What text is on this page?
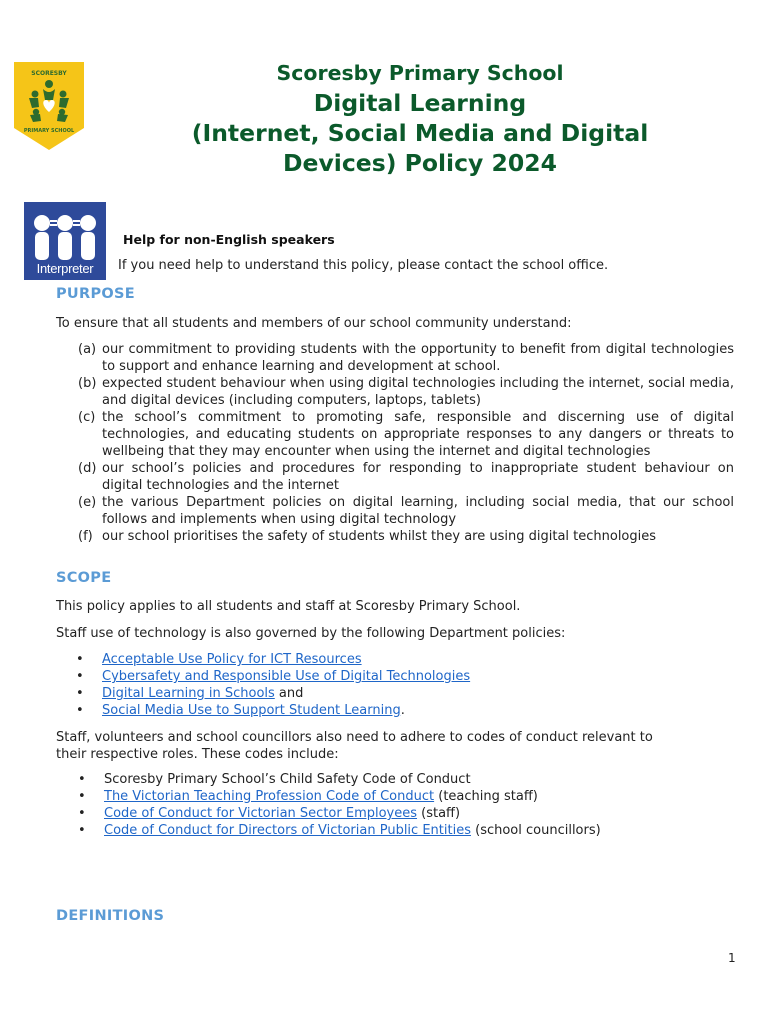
SCORESBY
PRIMARY SCHOOL
Scoresby Primary School
Digital Learning
(Internet, Social Media and Digital
Devices) Policy 2024
Interpreter
Help for non-English speakers
If you need help to understand this policy, please contact the school office.
PURPOSE
To ensure that all students and members of our school community understand:
(a) our commitment to providing students with the opportunity to benefit from digital technologies to support and enhance learning and development at school.
(b) expected student behaviour when using digital technologies including the internet, social media, and digital devices (including computers, laptops, tablets)
(c) the school’s commitment to promoting safe, responsible and discerning use of digital technologies, and educating students on appropriate responses to any dangers or threats to wellbeing that they may encounter when using the internet and digital technologies
(d) our school’s policies and procedures for responding to inappropriate student behaviour on digital technologies and the internet
(e) the various Department policies on digital learning, including social media, that our school follows and implements when using digital technology
(f) our school prioritises the safety of students whilst they are using digital technologies
SCOPE
This policy applies to all students and staff at Scoresby Primary School.
Staff use of technology is also governed by the following Department policies:
•	Acceptable Use Policy for ICT Resources
•	Cybersafety and Responsible Use of Digital Technologies
•	Digital Learning in Schools and
•	Social Media Use to Support Student Learning .
Staff, volunteers and school councillors also need to adhere to codes of conduct relevant to
their respective roles. These codes include:
•	Scoresby Primary School’s Child Safety Code of Conduct
•	The Victorian Teaching Profession Code of Conduct (teaching staff)
•	Code of Conduct for Victorian Sector Employees (staff)
•	Code of Conduct for Directors of Victorian Public Entities (school councillors)
DEFINITIONS
1
